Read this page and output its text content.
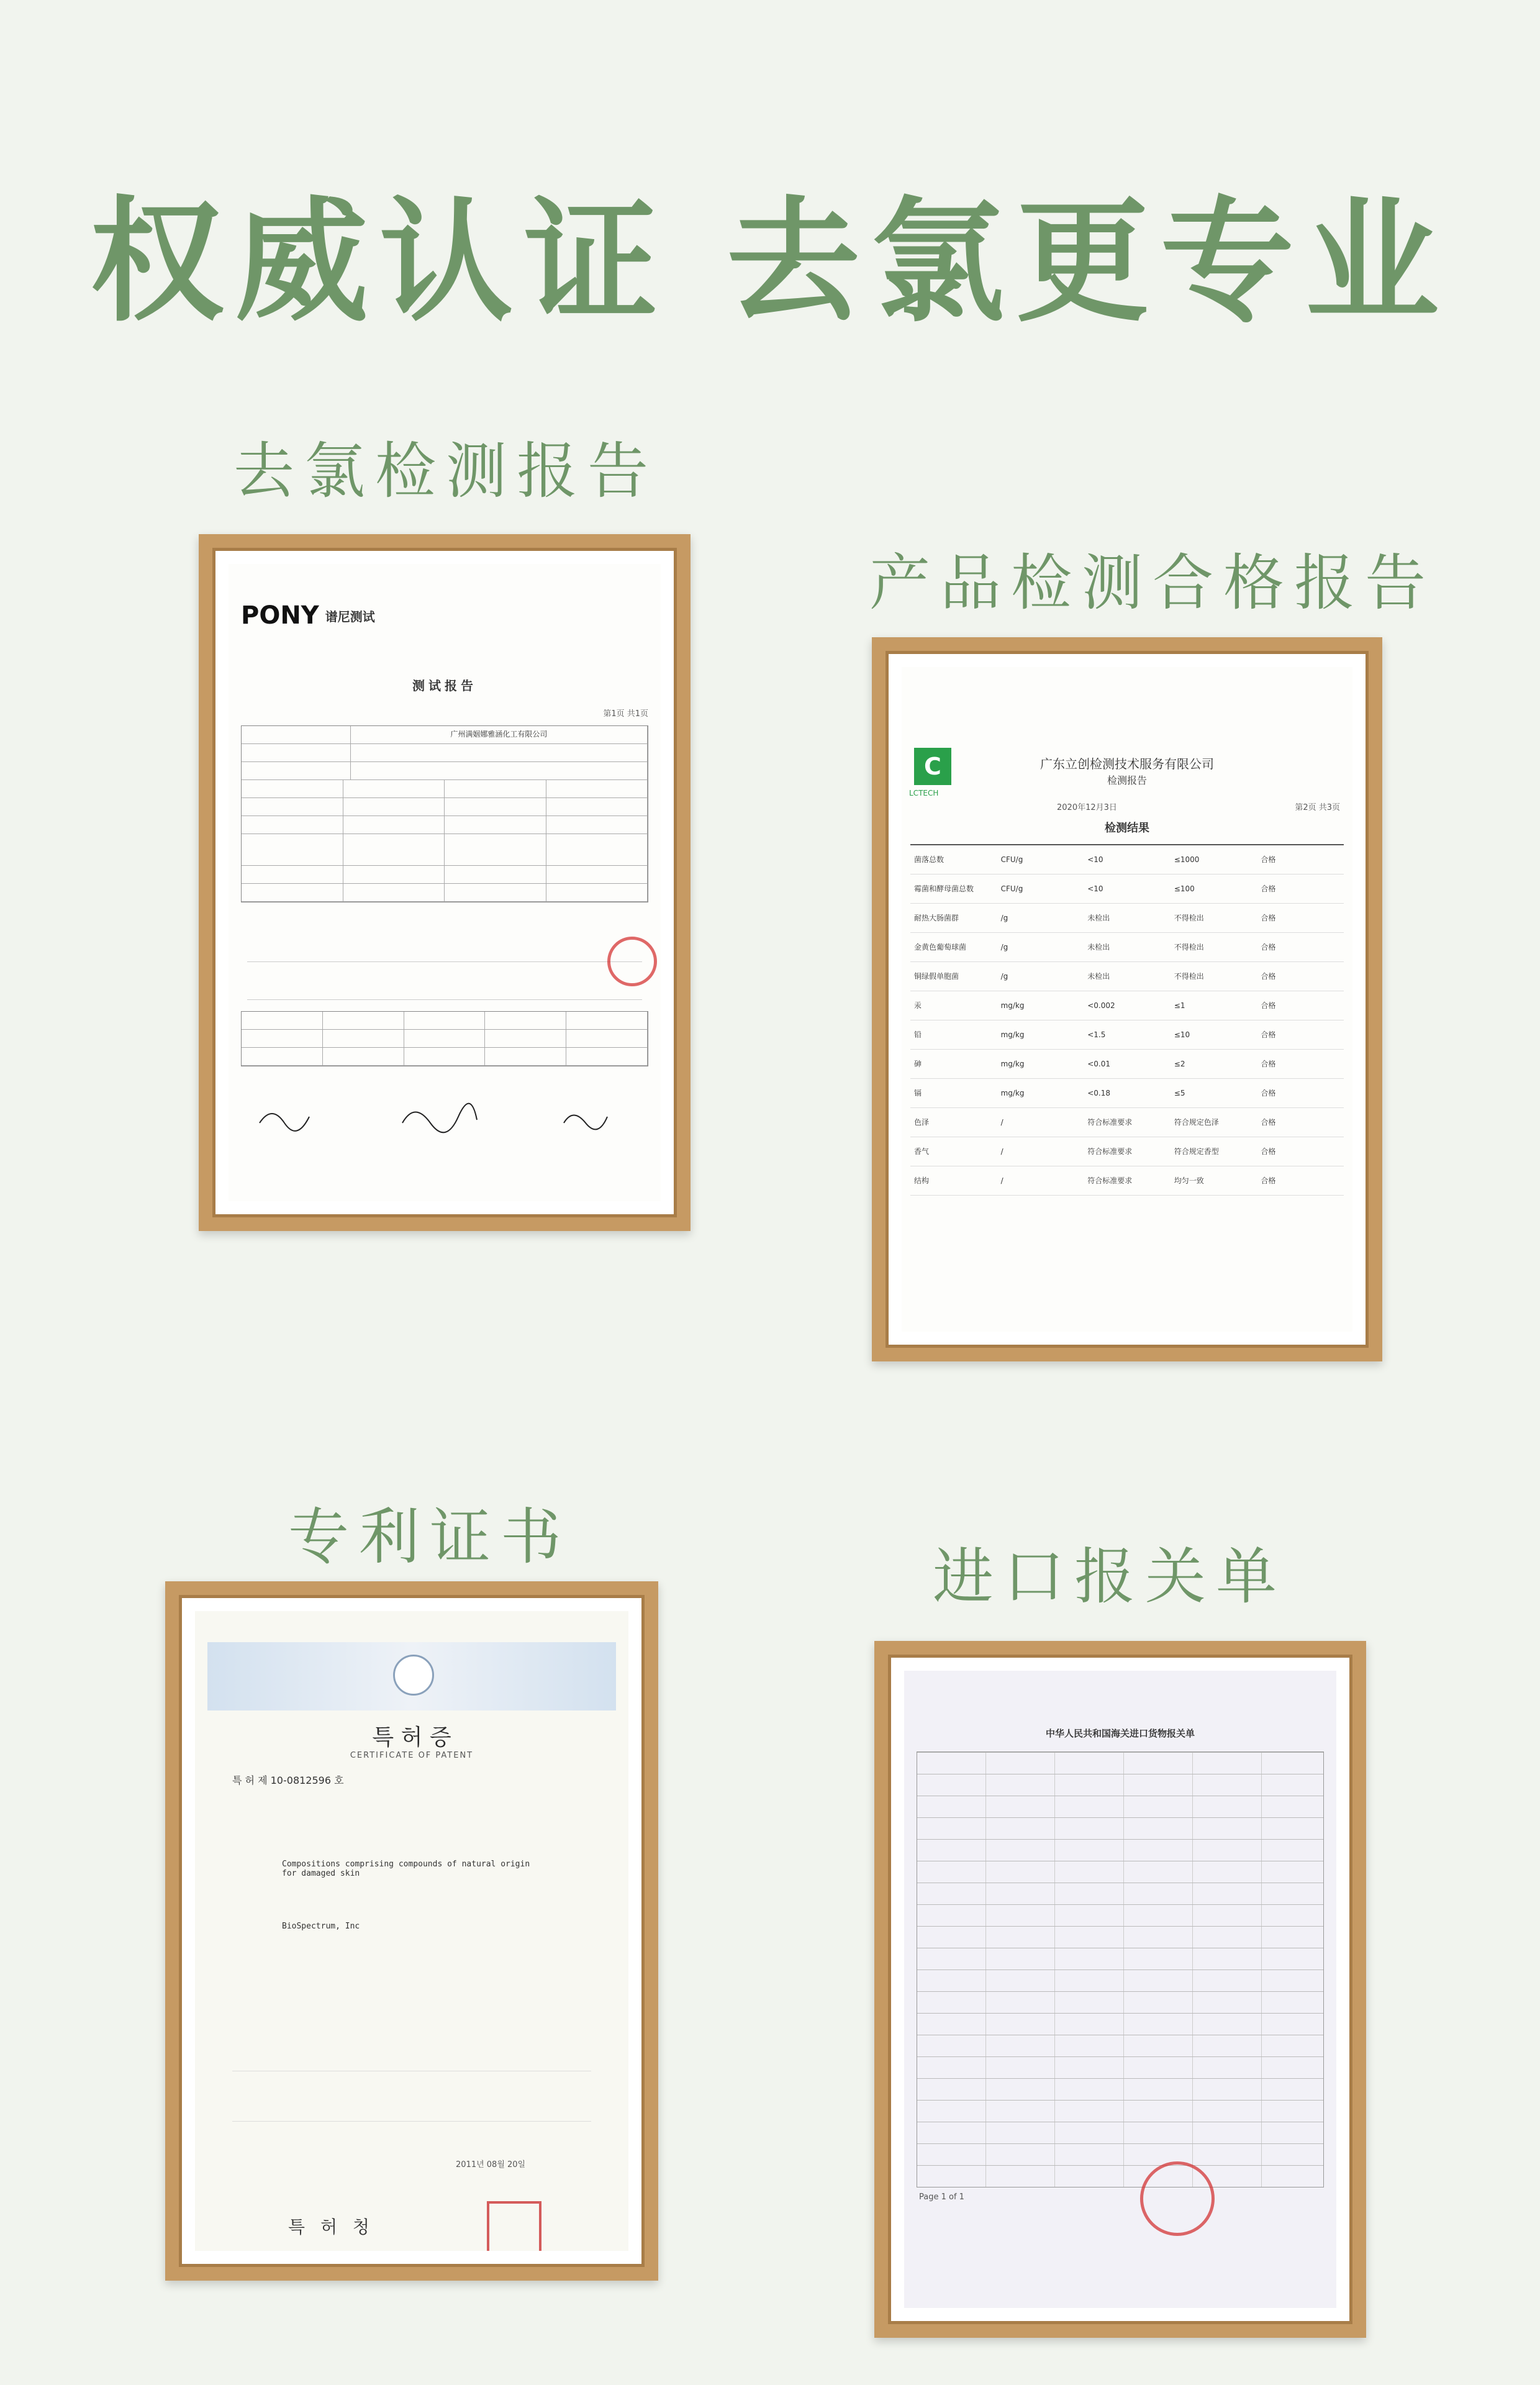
权威认证 去氯更专业
去氯检测报告
PONY 谱尼测试
测试报告
第1页 共1页
广州满姻娜雅涵化工有限公司
产品检测合格报告
C
LCTECH
广东立创检测技术服务有限公司
检测报告
2020年12月3日	第2页 共3页
检测结果
菌落总数	CFU/g	<10	≤1000	合格
霉菌和酵母菌总数	CFU/g	<10	≤100	合格
耐热大肠菌群	/g	未检出	不得检出	合格
金黄色葡萄球菌	/g	未检出	不得检出	合格
铜绿假单胞菌	/g	未检出	不得检出	合格
汞	mg/kg	<0.002	≤1	合格
铅	mg/kg	<1.5	≤10	合格
砷	mg/kg	<0.01	≤2	合格
镉	mg/kg	<0.18	≤5	合格
色泽	/	符合标准要求	符合规定色泽	合格
香气	/	符合标准要求	符合规定香型	合格
结构	/	符合标准要求	均匀一致	合格
专利证书
특 허 증
CERTIFICATE OF PATENT
특 허 제 10-0812596 호
Compositions comprising compounds of natural origin for damaged skin
BioSpectrum, Inc
2011년 08월 20일
특 허 청
进口报关单
中华人民共和国海关进口货物报关单
Page 1 of 1
